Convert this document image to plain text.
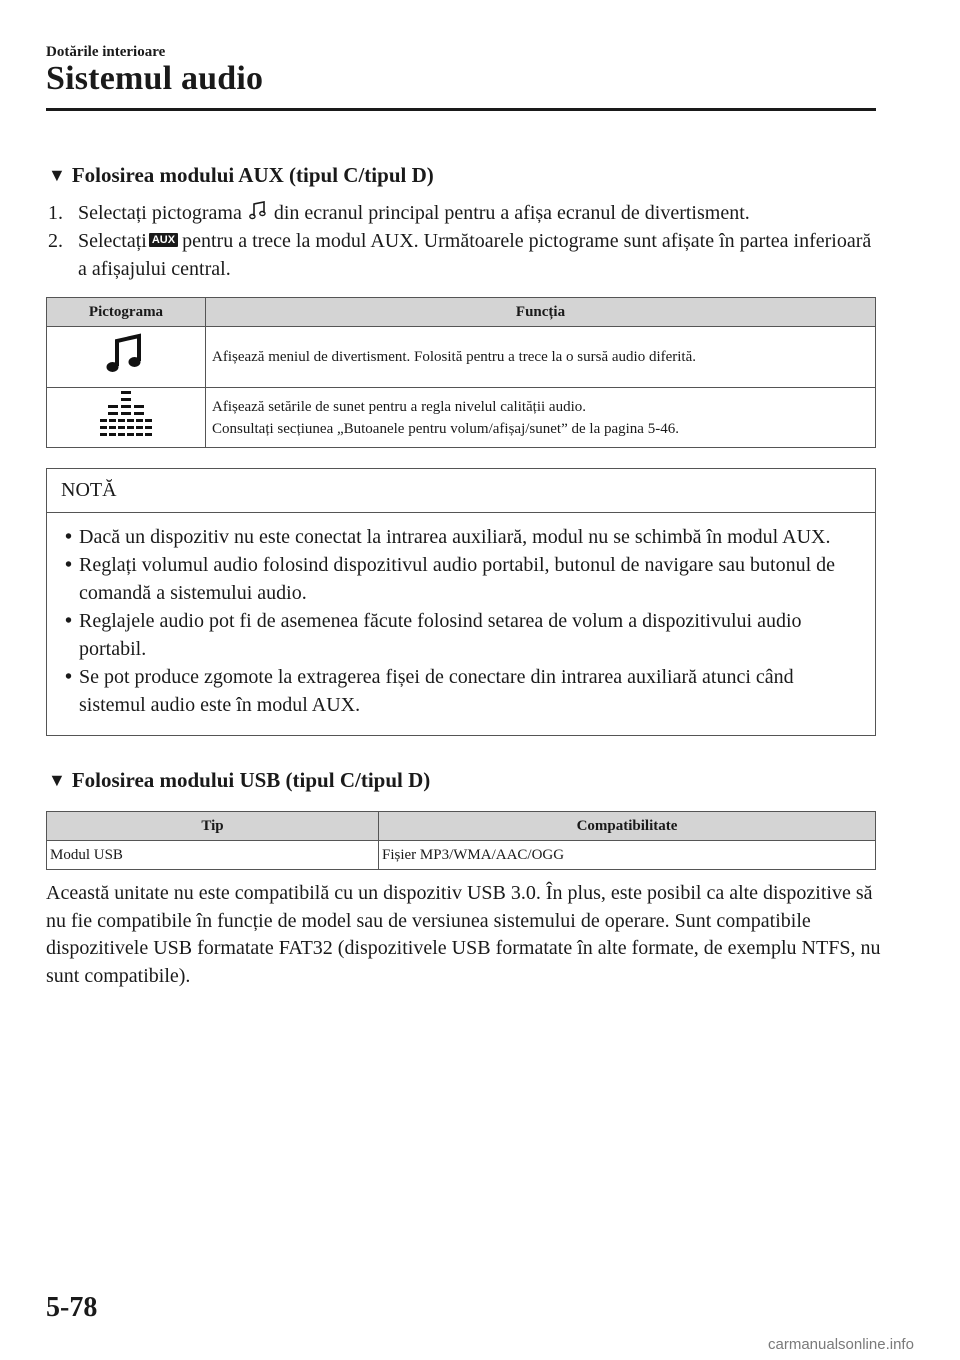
Dotările interioare
Sistemul audio
▼ Folosirea modului AUX (tipul C/tipul D)

1. Selectați pictograma din ecranul principal pentru a afișa ecranul de divertisment.

2. Selectați AUX pentru a trece la modul AUX. Următoarele pictograme sunt afișate în partea inferioară a afișajului central.

Pictograma	Funcția

Afișează meniul de divertisment. Folosită pentru a trece la o sursă audio diferită.

Afișează setările de sunet pentru a regla nivelul calității audio.
Consultați secțiunea „Butoanele pentru volum/afișaj/sunet” de la pagina 5-46.
NOTĂ
• Dacă un dispozitiv nu este conectat la intrarea auxiliară, modul nu se schimbă în modul AUX.
• Reglați volumul audio folosind dispozitivul audio portabil, butonul de navigare sau butonul de comandă a sistemului audio.
• Reglajele audio pot fi de asemenea făcute folosind setarea de volum a dispozitivului audio portabil.
• Se pot produce zgomote la extragerea fișei de conectare din intrarea auxiliară atunci când sistemul audio este în modul AUX.
▼ Folosirea modului USB (tipul C/tipul D)
Tip	Compatibilitate
Modul USB	Fișier MP3/WMA/AAC/OGG

Această unitate nu este compatibilă cu un dispozitiv USB 3.0. În plus, este posibil ca alte dispozitive să nu fie compatibile în funcție de model sau de versiunea sistemului de operare. Sunt compatibile dispozitivele USB formatate FAT32 (dispozitivele USB formatate în alte formate, de exemplu NTFS, nu sunt compatibile).

5-78
carmanualsonline.info
